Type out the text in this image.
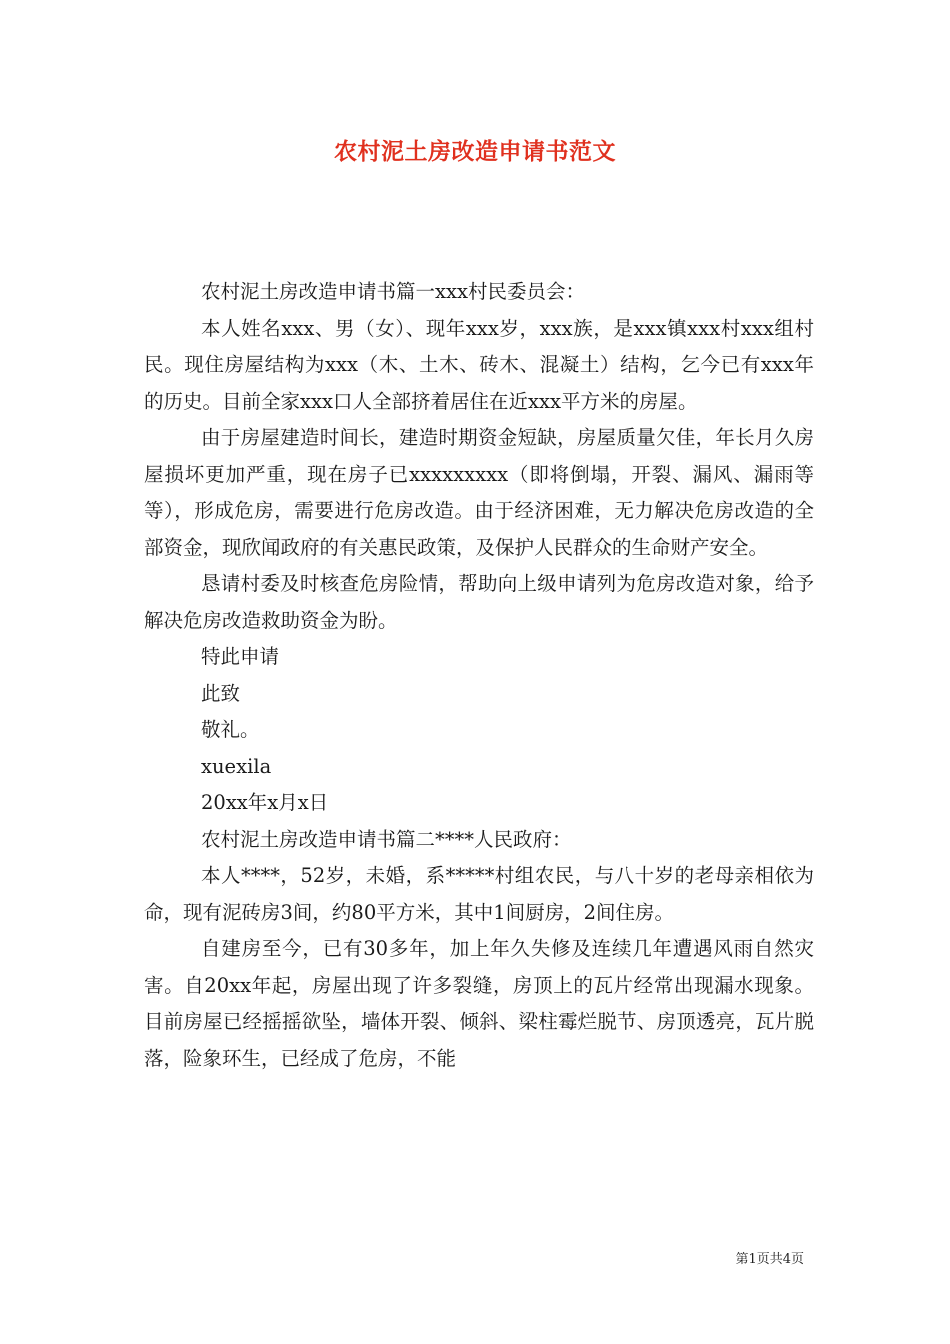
农村泥土房改造申请书范文

农村泥土房改造申请书篇一xxx村民委员会：

本人姓名xxx、男（女）、现年xxx岁，xxx族，是xxx镇xxx村xxx组村民。现住房屋结构为xxx（木、土木、砖木、混凝土）结构，乞今已有xxx年的历史。目前全家xxx口人全部挤着居住在近xxx平方米的房屋。

由于房屋建造时间长，建造时期资金短缺，房屋质量欠佳，年长月久房屋损坏更加严重，现在房子已xxxxxxxxx（即将倒塌，开裂、漏风、漏雨等等），形成危房，需要进行危房改造。由于经济困难，无力解决危房改造的全部资金，现欣闻政府的有关惠民政策，及保护人民群众的生命财产安全。

恳请村委及时核查危房险情，帮助向上级申请列为危房改造对象，给予解决危房改造救助资金为盼。

特此申请

此致

敬礼。

xuexila

20xx年x月x日

农村泥土房改造申请书篇二****人民政府：

本人****，52岁，未婚，系*****村组农民，与八十岁的老母亲相依为命，现有泥砖房3间，约80平方米，其中1间厨房，2间住房。

自建房至今，已有30多年，加上年久失修及连续几年遭遇风雨自然灾害。自20xx年起，房屋出现了许多裂缝，房顶上的瓦片经常出现漏水现象。目前房屋已经摇摇欲坠，墙体开裂、倾斜、梁柱霉烂脱节、房顶透亮，瓦片脱落，险象环生，已经成了危房，不能

第1页共4页
